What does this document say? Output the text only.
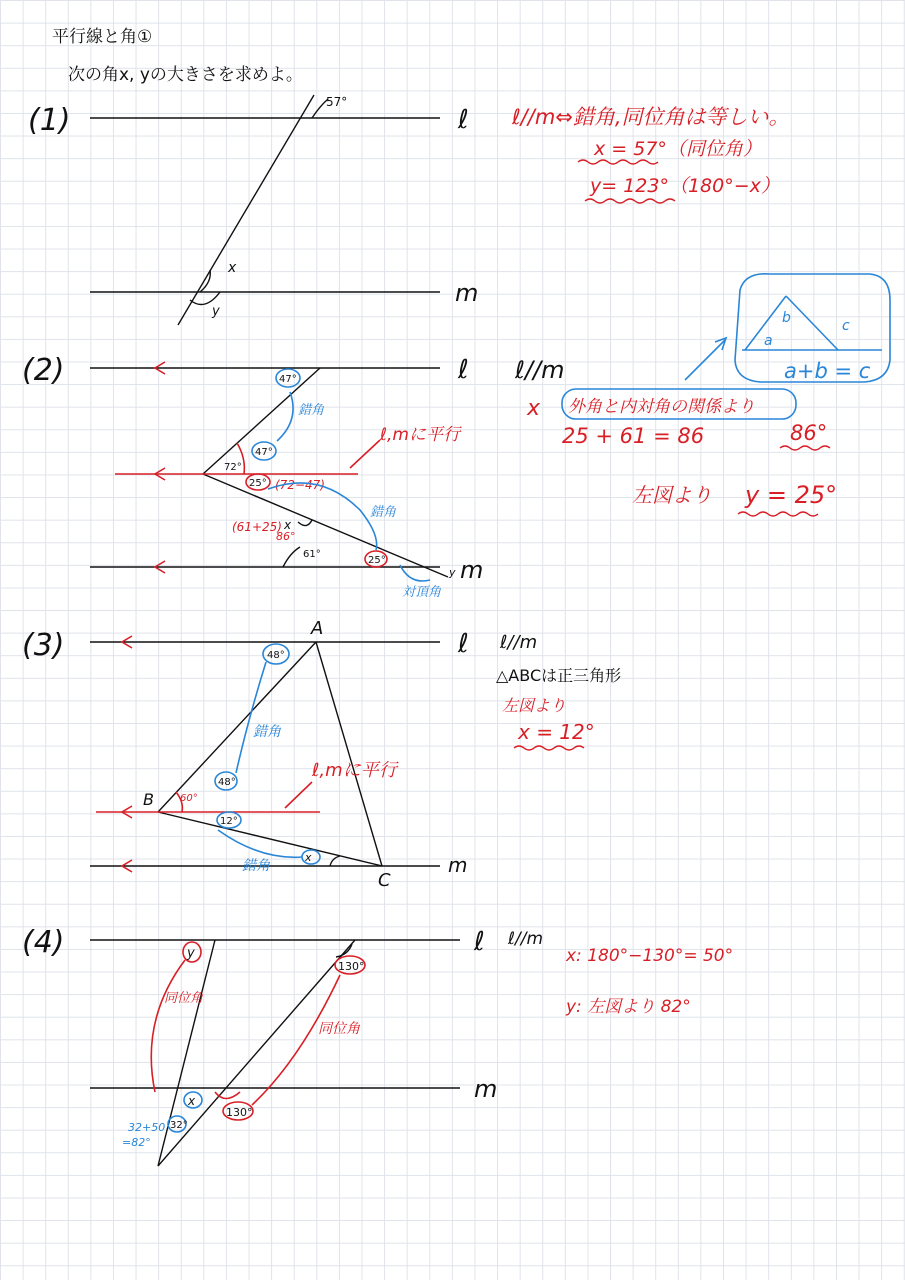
平行線と角①
次の角x, yの大きさを求めよ。
(1)	ℓ
m
57°
x
y
ℓ//m⇔錯角,同位角は等しい。
x = 57°（同位角）
y= 123°（180°−x）
(2)	ℓ
m
ℓ//m
47°
47°
72°
25° (72−47)
25°
61°
x
86°
(61+25)
y
錯角
錯角
対頂角
ℓ,mに平行
x 外角と内対角の関係より
25 + 61 = 86	86°
左図より y = 25°
a
b	c
a+b = c
(3)	ℓ
m
A
B
C
48°
48°
60°
12°
x
錯角
錯角
ℓ,mに平行
ℓ//m
△ABCは正三角形
左図より
x = 12°
(4)	ℓ
m
ℓ//m
y
130°
130°
x
32°
32+50
=82°
同位角
同位角
x: 180°−130°= 50°
y: 左図より 82°
